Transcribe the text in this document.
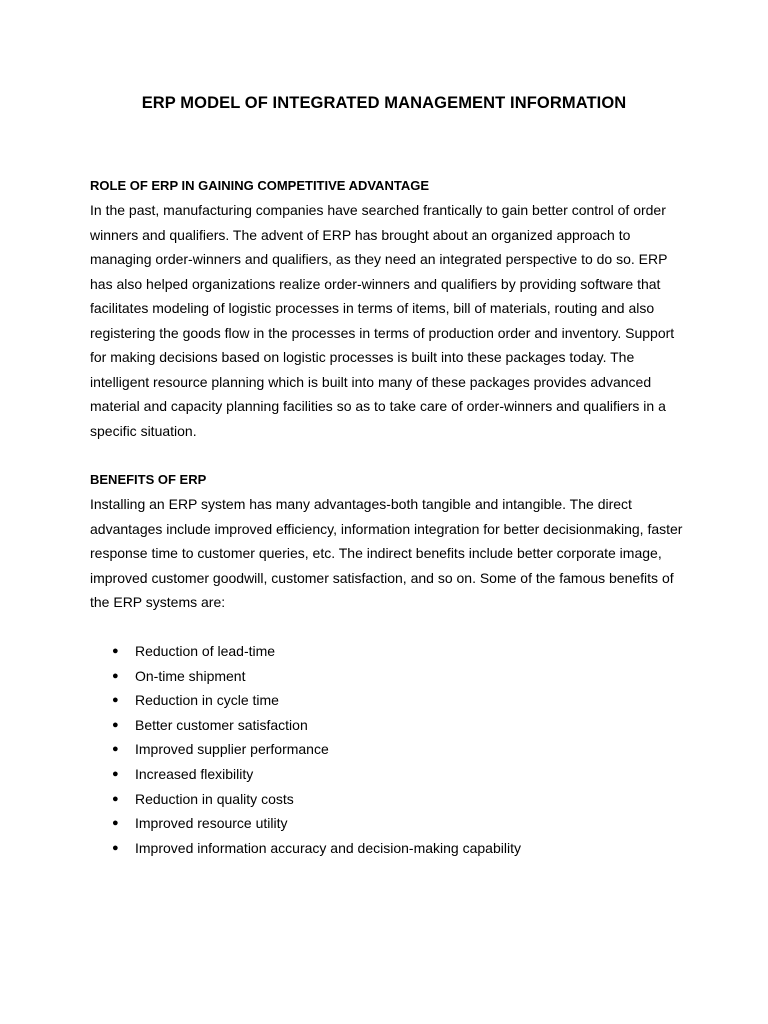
ERP MODEL OF INTEGRATED MANAGEMENT INFORMATION
ROLE OF ERP IN GAINING COMPETITIVE ADVANTAGE

In the past, manufacturing companies have searched frantically to gain better control of order winners and qualifiers. The advent of ERP has brought about an organized approach to managing order-winners and qualifiers, as they need an integrated perspective to do so. ERP has also helped organizations realize order-winners and qualifiers by providing software that facilitates modeling of logistic processes in terms of items, bill of materials, routing and also registering the goods flow in the processes in terms of production order and inventory. Support for making decisions based on logistic processes is built into these packages today. The intelligent resource planning which is built into many of these packages provides advanced material and capacity planning facilities so as to take care of order-winners and qualifiers in a specific situation.

BENEFITS OF ERP

Installing an ERP system has many advantages-both tangible and intangible. The direct advantages include improved efficiency, information integration for better decisionmaking, faster response time to customer queries, etc. The indirect benefits include better corporate image, improved customer goodwill, customer satisfaction, and so on. Some of the famous benefits of the ERP systems are:

● Reduction of lead-time
● On-time shipment
● Reduction in cycle time
● Better customer satisfaction
● Improved supplier performance
● Increased flexibility
● Reduction in quality costs
● Improved resource utility
● Improved information accuracy and decision-making capability
